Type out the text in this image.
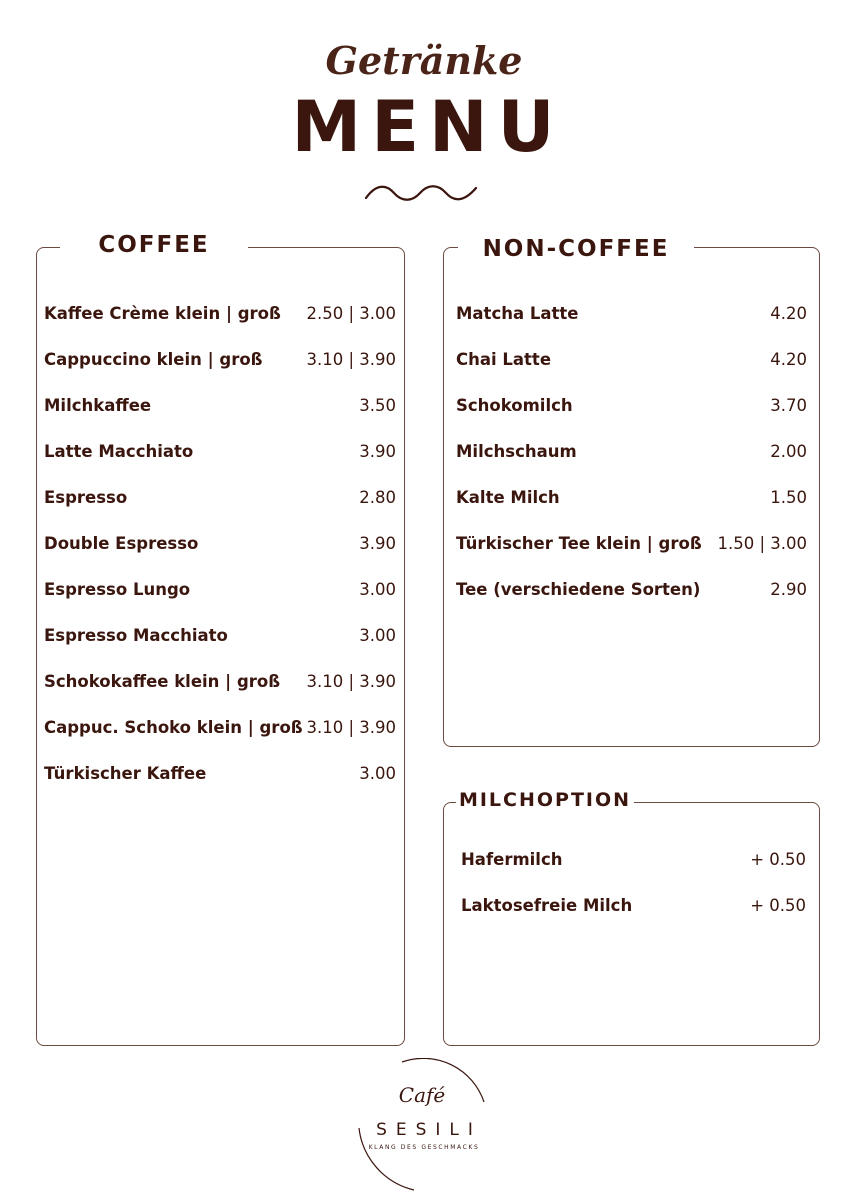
Getränke
MENU
COFFEE
Kaffee Crème klein | groß 2.50 | 3.00
Cappuccino klein | groß	3.10 | 3.90
Milchkaffee	3.50
Latte Macchiato	3.90
Espresso	2.80
Double Espresso	3.90
Espresso Lungo	3.00
Espresso Macchiato	3.00
Schokokaffee klein | groß 3.10 | 3.90
Cappuc. Schoko klein | groß 3.10 | 3.90
Türkischer Kaffee	3.00
NON-COFFEE
Matcha Latte	4.20
Chai Latte	4.20
Schokomilch	3.70
Milchschaum	2.00
Kalte Milch	1.50
Türkischer Tee klein | groß 1.50 | 3.00
Tee (verschiedene Sorten)	2.90
MILCHOPTION
Hafermilch	+ 0.50
Laktosefreie Milch	+ 0.50
Café
SESILI
KLANG DES GESCHMACKS
